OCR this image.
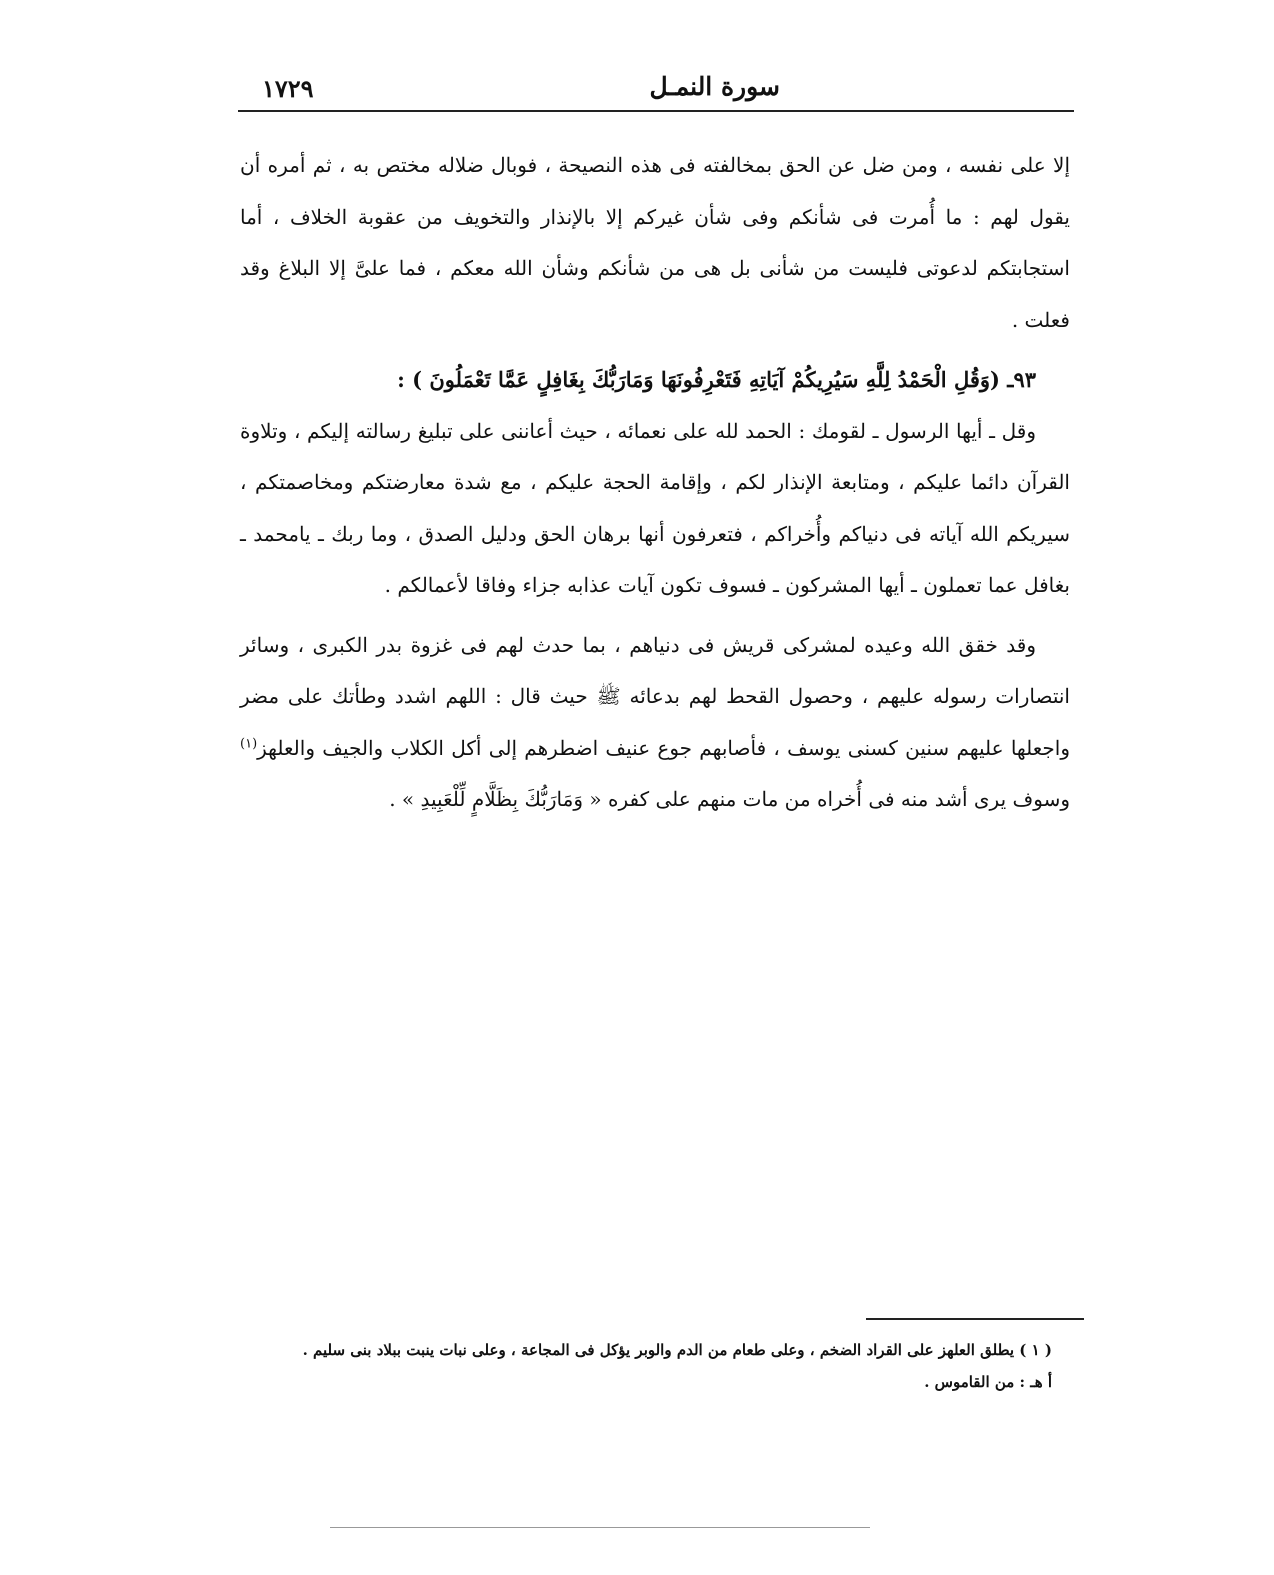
سورة النمـل
١٧٢٩

إلا على نفسه ، ومن ضل عن الحق بمخالفته فى هذه النصيحة ، فوبال ضلاله مختص به ، ثم أمره أن يقول لهم : ما أُمرت فى شأنكم وفى شأن غيركم إلا بالإنذار والتخويف من عقوبة الخلاف ، أما استجابتكم لدعوتى فليست من شأنى بل هى من شأنكم وشأن الله معكم ، فما علىَّ إلا البلاغ وقد فعلت .

٩٣ـ (وَقُلِ الْحَمْدُ لِلَّهِ سَيُرِيكُمْ آيَاتِهِ فَتَعْرِفُونَهَا وَمَارَبُّكَ بِغَافِلٍ عَمَّا تَعْمَلُونَ ) :

وقل ـ أيها الرسول ـ لقومك : الحمد لله على نعمائه ، حيث أعاننى على تبليغ رسالته إليكم ، وتلاوة القرآن دائما عليكم ، ومتابعة الإنذار لكم ، وإقامة الحجة عليكم ، مع شدة معارضتكم ومخاصمتكم ، سيريكم الله آياته فى دنياكم وأُخراكم ، فتعرفون أنها برهان الحق ودليل الصدق ، وما ربك ـ يامحمد ـ بغافل عما تعملون ـ أيها المشركون ـ فسوف تكون آيات عذابه جزاء وفاقا لأعمالكم .

وقد خقق الله وعيده لمشركى قريش فى دنياهم ، بما حدث لهم فى غزوة بدر الكبرى ، وسائر انتصارات رسوله عليهم ، وحصول القحط لهم بدعائه ﷺ حيث قال : اللهم اشدد وطأتك على مضر واجعلها عليهم سنين كسنى يوسف ، فأصابهم جوع عنيف اضطرهم إلى أكل الكلاب والجيف والعلهز$^{(١)}$ وسوف يرى أشد منه فى أُخراه من مات منهم على كفره « وَمَارَبُّكَ بِظَلَّامٍ لِّلْعَبِيدِ » .

( ١ ) يطلق العلهز على القراد الضخم ، وعلى طعام من الدم والوبر يؤكل فى المجاعة ، وعلى نبات ينبت ببلاد بنى سليم .

أ هـ : من القاموس .
